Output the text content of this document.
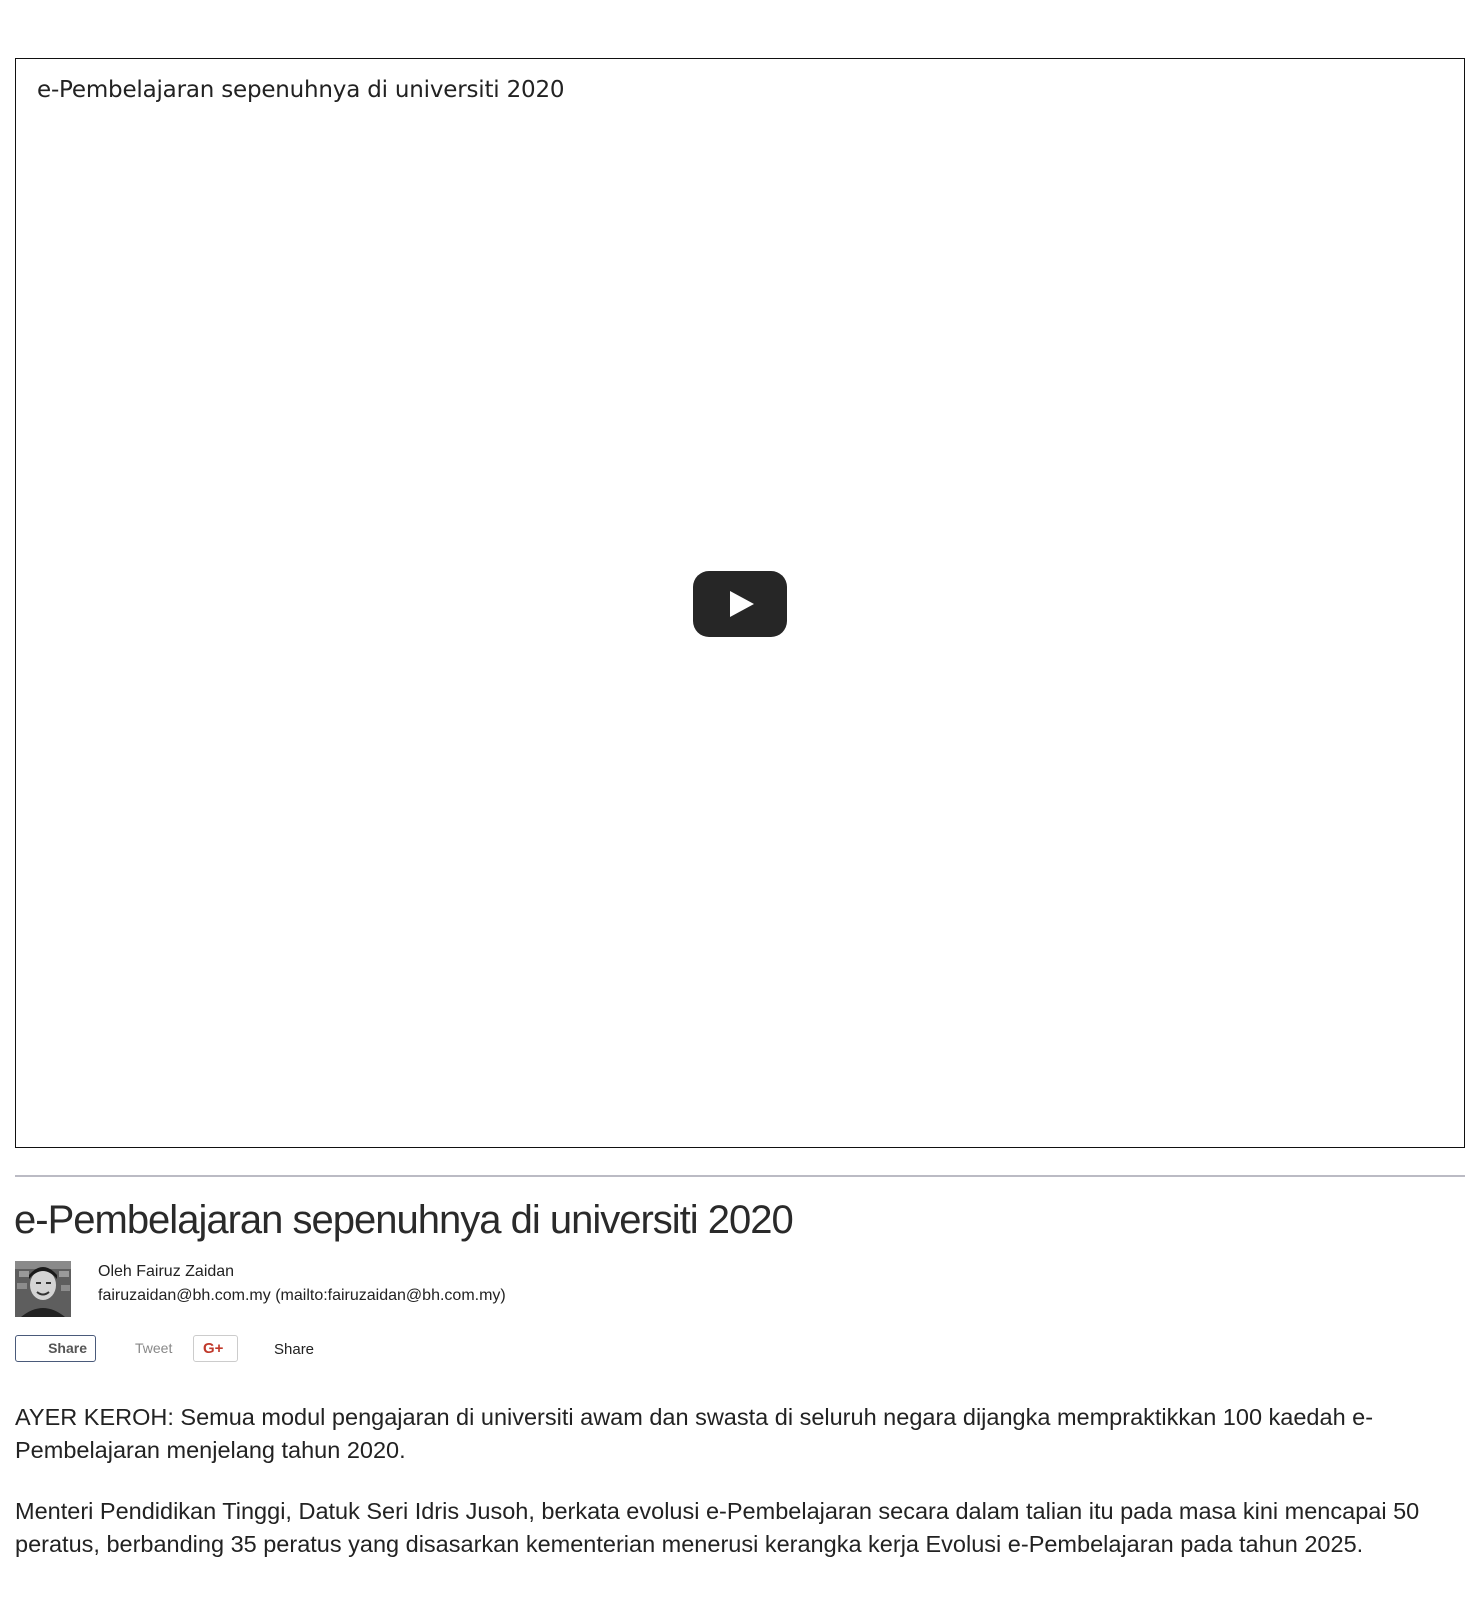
e-Pembelajaran sepenuhnya di universiti 2020
e-Pembelajaran sepenuhnya di universiti 2020
Oleh Fairuz Zaidan
fairuzaidan@bh.com.my (mailto:fairuzaidan@bh.com.my)
Share	Tweet	G+	Share

AYER KEROH: Semua modul pengajaran di universiti awam dan swasta di seluruh negara dijangka mempraktikkan 100 kaedah e-Pembelajaran menjelang tahun 2020.

Menteri Pendidikan Tinggi, Datuk Seri Idris Jusoh, berkata evolusi e-Pembelajaran secara dalam talian itu pada masa kini mencapai 50 peratus, berbanding 35 peratus yang disasarkan kementerian menerusi kerangka kerja Evolusi e-Pembelajaran pada tahun 2025.
